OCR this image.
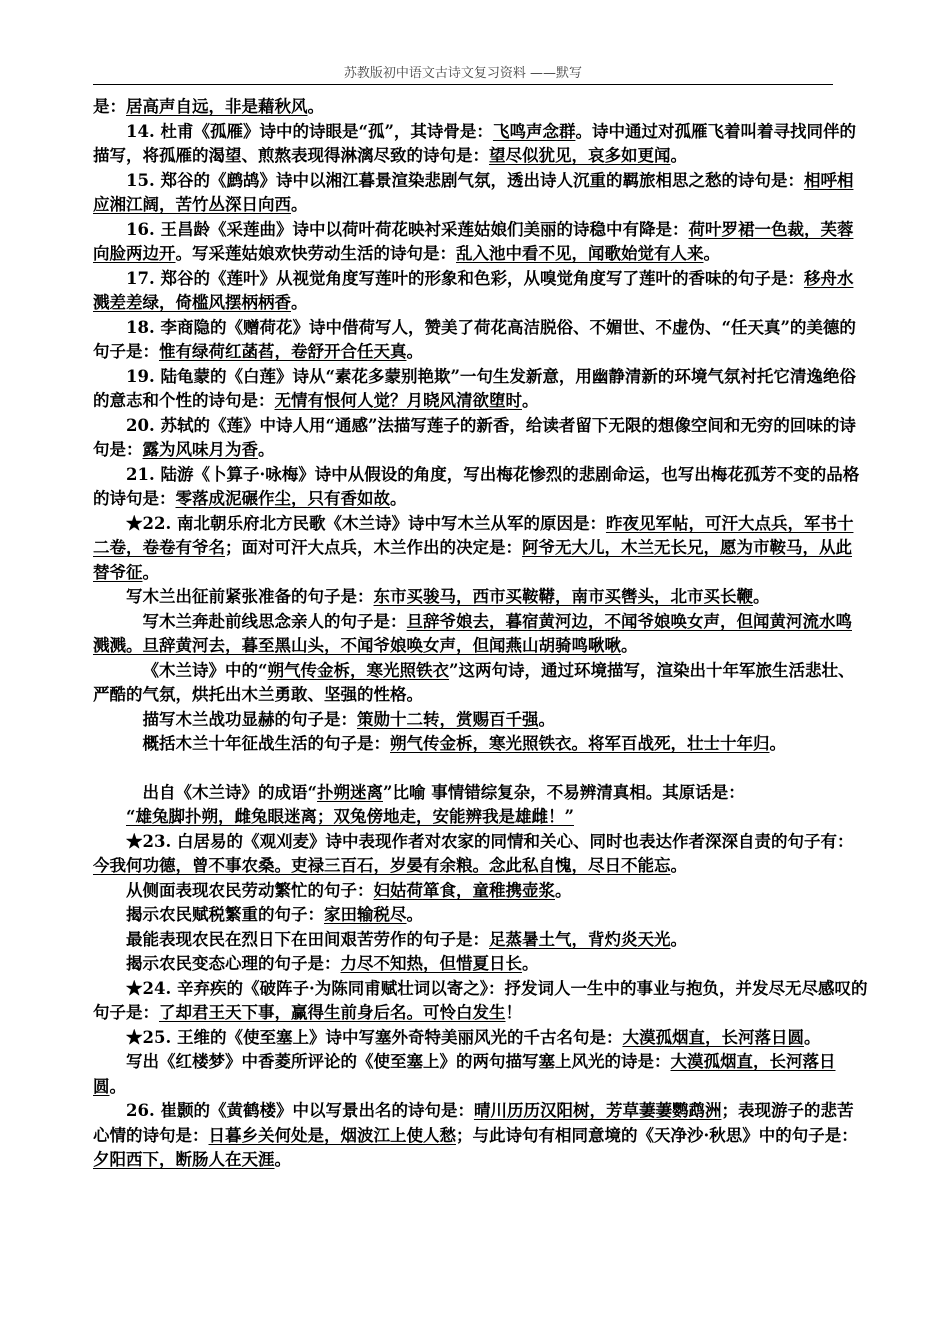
苏教版初中语文古诗文复习资料 ——默写

是：居高声自远，非是藉秋风。

14. 杜甫《孤雁》诗中的诗眼是“孤”，其诗骨是：飞鸣声念群。诗中通过对孤雁飞着叫着寻找同伴的描写，将孤雁的渴望、煎熬表现得淋漓尽致的诗句是：望尽似犹见，哀多如更闻。

15. 郑谷的《鹧鸪》诗中以湘江暮景渲染悲剧气氛，透出诗人沉重的羁旅相思之愁的诗句是：相呼相应湘江阔，苦竹丛深日向西。

16. 王昌龄《采莲曲》诗中以荷叶荷花映衬采莲姑娘们美丽的诗稳中有降是：荷叶罗裙一色裁，芙蓉向脸两边开。写采莲姑娘欢快劳动生活的诗句是：乱入池中看不见，闻歌始觉有人来。

17. 郑谷的《莲叶》从视觉角度写莲叶的形象和色彩，从嗅觉角度写了莲叶的香味的句子是：移舟水溅差差绿，倚槛风摆柄柄香。

18. 李商隐的《赠荷花》诗中借荷写人，赞美了荷花高洁脱俗、不媚世、不虚伪、“任天真”的美德的句子是：惟有绿荷红菡萏，卷舒开合任天真。

19. 陆龟蒙的《白莲》诗从“素花多蒙别艳欺”一句生发新意，用幽静清新的环境气氛衬托它清逸绝俗的意志和个性的诗句是：无情有恨何人觉？月晓风清欲堕时。

20. 苏轼的《莲》中诗人用“通感”法描写莲子的新香，给读者留下无限的想像空间和无穷的回味的诗句是：露为风味月为香。

21. 陆游《卜算子·咏梅》诗中从假设的角度，写出梅花惨烈的悲剧命运，也写出梅花孤芳不变的品格的诗句是：零落成泥碾作尘，只有香如故。

★22. 南北朝乐府北方民歌《木兰诗》诗中写木兰从军的原因是：昨夜见军帖，可汗大点兵，军书十二卷，卷卷有爷名；面对可汗大点兵，木兰作出的决定是：阿爷无大儿，木兰无长兄，愿为市鞍马，从此替爷征。

写木兰出征前紧张准备的句子是：东市买骏马，西市买鞍鞯，南市买辔头，北市买长鞭。

写木兰奔赴前线思念亲人的句子是：旦辞爷娘去，暮宿黄河边，不闻爷娘唤女声，但闻黄河流水鸣溅溅。旦辞黄河去，暮至黑山头，不闻爷娘唤女声，但闻燕山胡骑鸣啾啾。

《木兰诗》中的“朔气传金柝，寒光照铁衣”这两句诗，通过环境描写，渲染出十年军旅生活悲壮、严酷的气氛，烘托出木兰勇敢、坚强的性格。

描写木兰战功显赫的句子是：策勋十二转，赏赐百千强。

概括木兰十年征战生活的句子是：朔气传金柝，寒光照铁衣。将军百战死，壮士十年归。

出自《木兰诗》的成语“扑朔迷离”比喻 事情错综复杂，不易辨清真相。其原话是：

“雄兔脚扑朔，雌兔眼迷离；双兔傍地走，安能辨我是雄雌！”

★23. 白居易的《观刈麦》诗中表现作者对农家的同情和关心、同时也表达作者深深自责的句子有：今我何功德，曾不事农桑。吏禄三百石，岁晏有余粮。念此私自愧，尽日不能忘。

从侧面表现农民劳动繁忙的句子：妇姑荷箪食，童稚携壶浆。

揭示农民赋税繁重的句子：家田输税尽。

最能表现农民在烈日下在田间艰苦劳作的句子是：足蒸暑土气，背灼炎天光。

揭示农民变态心理的句子是：力尽不知热，但惜夏日长。

★24. 辛弃疾的《破阵子·为陈同甫赋壮词以寄之》：抒发词人一生中的事业与抱负，并发尽无尽感叹的句子是：了却君王天下事，赢得生前身后名。可怜白发生！

★25. 王维的《使至塞上》诗中写塞外奇特美丽风光的千古名句是：大漠孤烟直，长河落日圆。

写出《红楼梦》中香菱所评论的《使至塞上》的两句描写塞上风光的诗是：大漠孤烟直，长河落日圆。

26. 崔颢的《黄鹤楼》中以写景出名的诗句是：晴川历历汉阳树，芳草萋萋鹦鹉洲；表现游子的悲苦心情的诗句是：日暮乡关何处是，烟波江上使人愁；与此诗句有相同意境的《天净沙·秋思》中的句子是：夕阳西下，断肠人在天涯。
